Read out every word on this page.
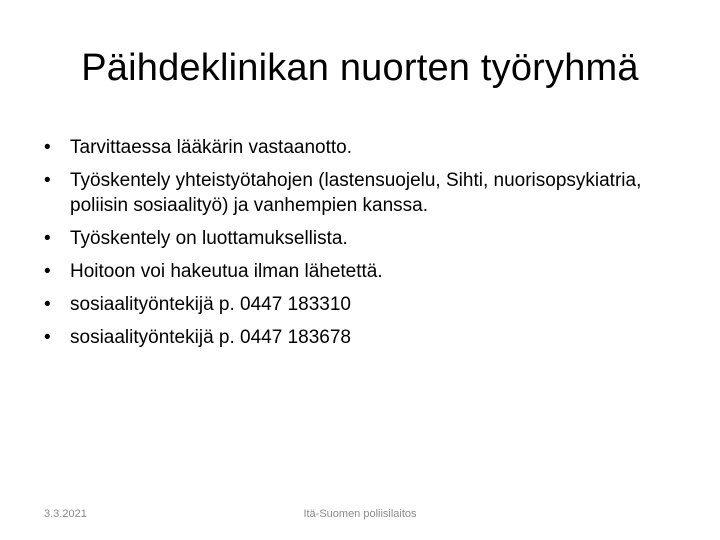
Päihdeklinikan nuorten työryhmä
•	Tarvittaessa lääkärin vastaanotto.
•	Työskentely yhteistyötahojen (lastensuojelu, Sihti, nuorisopsykiatria, poliisin sosiaalityö) ja vanhempien kanssa.
•	Työskentely on luottamuksellista.
•	Hoitoon voi hakeutua ilman lähetettä.
•	sosiaalityöntekijä p. 0447 183310
•	sosiaalityöntekijä p. 0447 183678
3.3.2021	Itä-Suomen poliisilaitos
